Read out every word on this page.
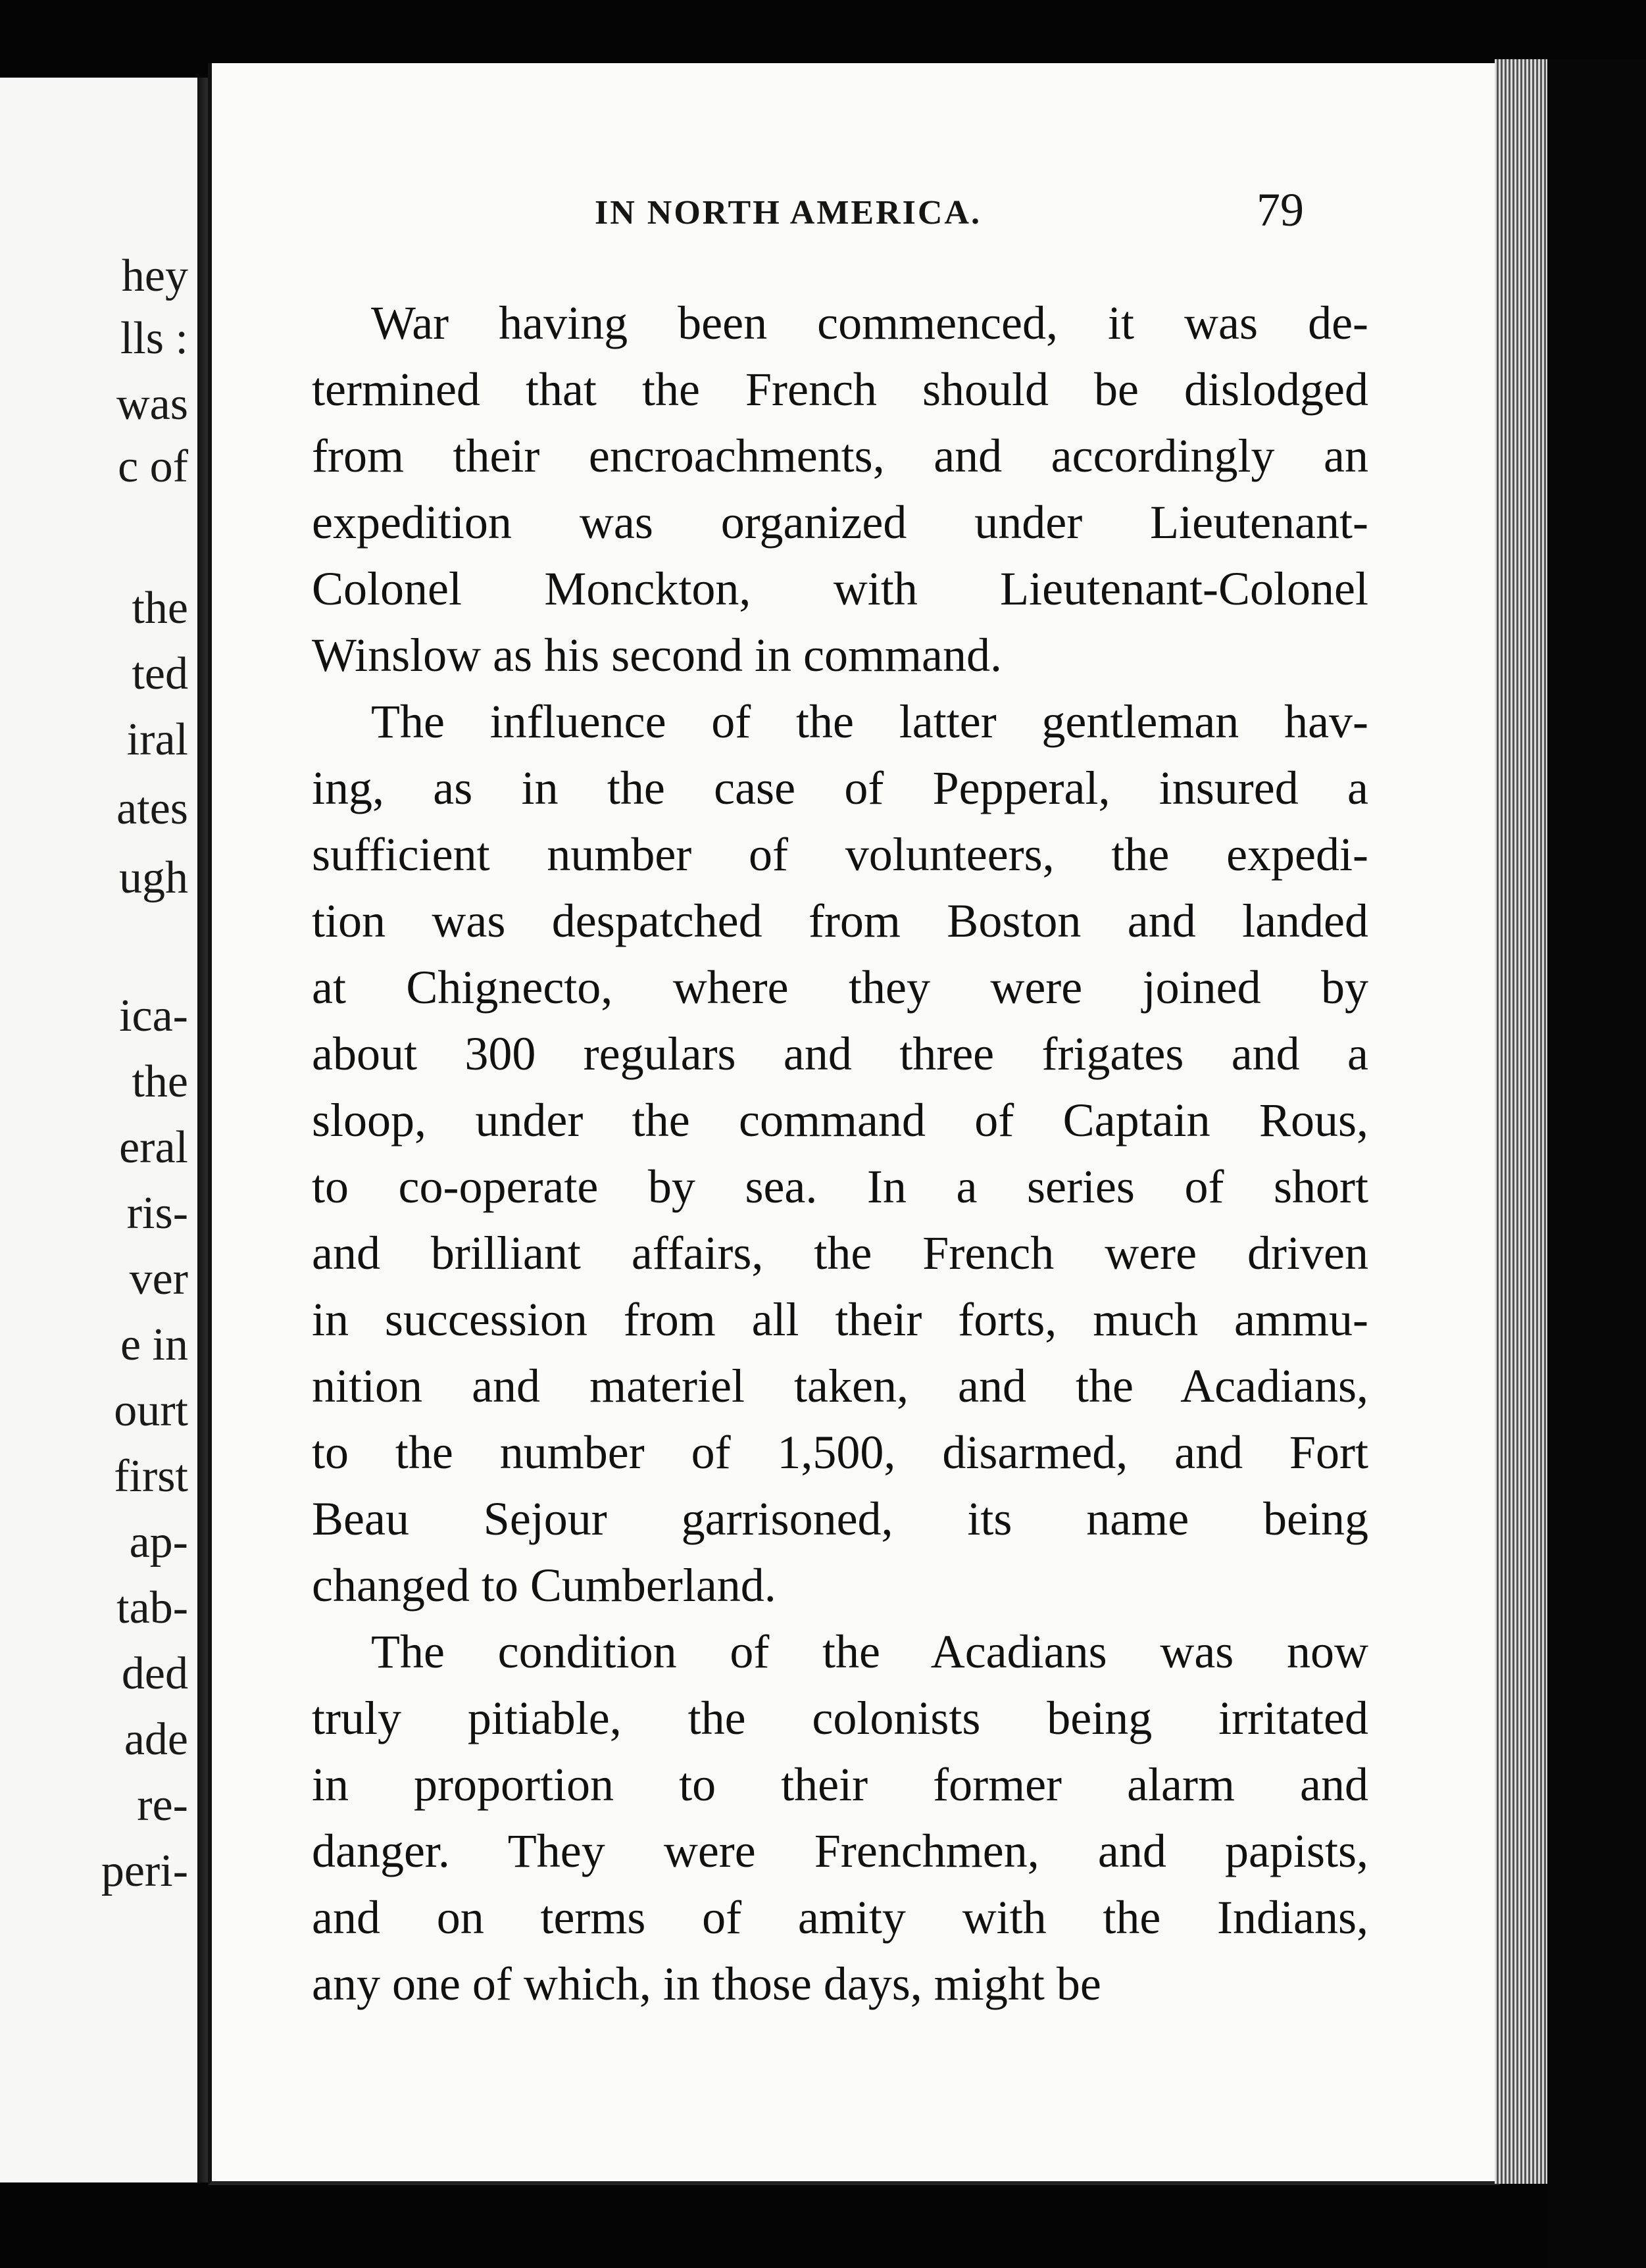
hey
lls :
was
c of
the
ted
iral
ates
ugh
ica-
the
eral
ris-
ver
e in
ourt
first
ap-
tab-
ded
ade
re-
peri-
IN NORTH AMERICA.	79
War having been commenced, it was de-
termined that the French should be dislodged
from their encroachments, and accordingly an
expedition was organized under Lieutenant-
Colonel Monckton, with Lieutenant-Colonel
Winslow as his second in command.
The influence of the latter gentleman hav-
ing, as in the case of Pepperal, insured a
sufficient number of volunteers, the expedi-
tion was despatched from Boston and landed
at Chignecto, where they were joined by
about 300 regulars and three frigates and a
sloop, under the command of Captain Rous,
to co-operate by sea. In a series of short
and brilliant affairs, the French were driven
in succession from all their forts, much ammu-
nition and materiel taken, and the Acadians,
to the number of 1,500, disarmed, and Fort
Beau Sejour garrisoned, its name being
changed to Cumberland.
The condition of the Acadians was now
truly pitiable, the colonists being irritated
in proportion to their former alarm and
danger. They were Frenchmen, and papists,
and on terms of amity with the Indians,
any one of which, in those days, might be
